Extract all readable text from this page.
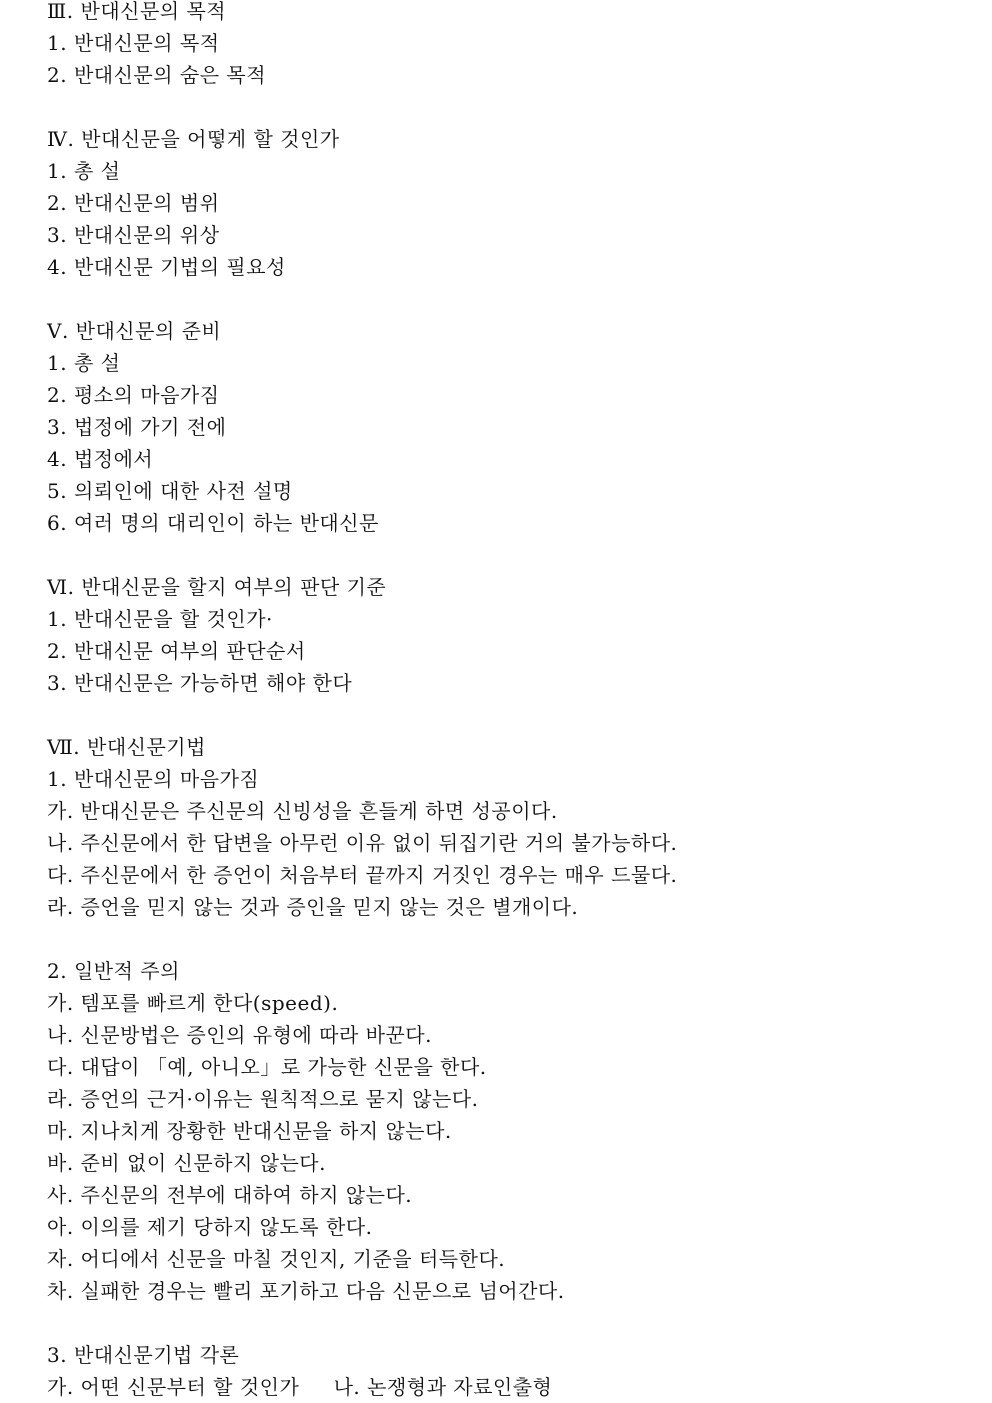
Ⅲ. 반대신문의 목적
1. 반대신문의 목적
2. 반대신문의 숨은 목적
Ⅳ. 반대신문을 어떻게 할 것인가
1. 총 설
2. 반대신문의 범위
3. 반대신문의 위상
4. 반대신문 기법의 필요성
Ⅴ. 반대신문의 준비
1. 총 설
2. 평소의 마음가짐
3. 법정에 가기 전에
4. 법정에서
5. 의뢰인에 대한 사전 설명
6. 여러 명의 대리인이 하는 반대신문
Ⅵ. 반대신문을 할지 여부의 판단 기준
1. 반대신문을 할 것인가·
2. 반대신문 여부의 판단순서
3. 반대신문은 가능하면 해야 한다
Ⅶ. 반대신문기법
1. 반대신문의 마음가짐
가. 반대신문은 주신문의 신빙성을 흔들게 하면 성공이다.
나. 주신문에서 한 답변을 아무런 이유 없이 뒤집기란 거의 불가능하다.
다. 주신문에서 한 증언이 처음부터 끝까지 거짓인 경우는 매우 드물다.
라. 증언을 믿지 않는 것과 증인을 믿지 않는 것은 별개이다.
2. 일반적 주의
가. 템포를 빠르게 한다(speed).
나. 신문방법은 증인의 유형에 따라 바꾼다.
다. 대답이 「예, 아니오」로 가능한 신문을 한다.
라. 증언의 근거·이유는 원칙적으로 묻지 않는다.
마. 지나치게 장황한 반대신문을 하지 않는다.
바. 준비 없이 신문하지 않는다.
사. 주신문의 전부에 대하여 하지 않는다.
아. 이의를 제기 당하지 않도록 한다.
자. 어디에서 신문을 마칠 것인지, 기준을 터득한다.
차. 실패한 경우는 빨리 포기하고 다음 신문으로 넘어간다.
3. 반대신문기법 각론
가. 어떤 신문부터 할 것인가     나. 논쟁형과 자료인출형
